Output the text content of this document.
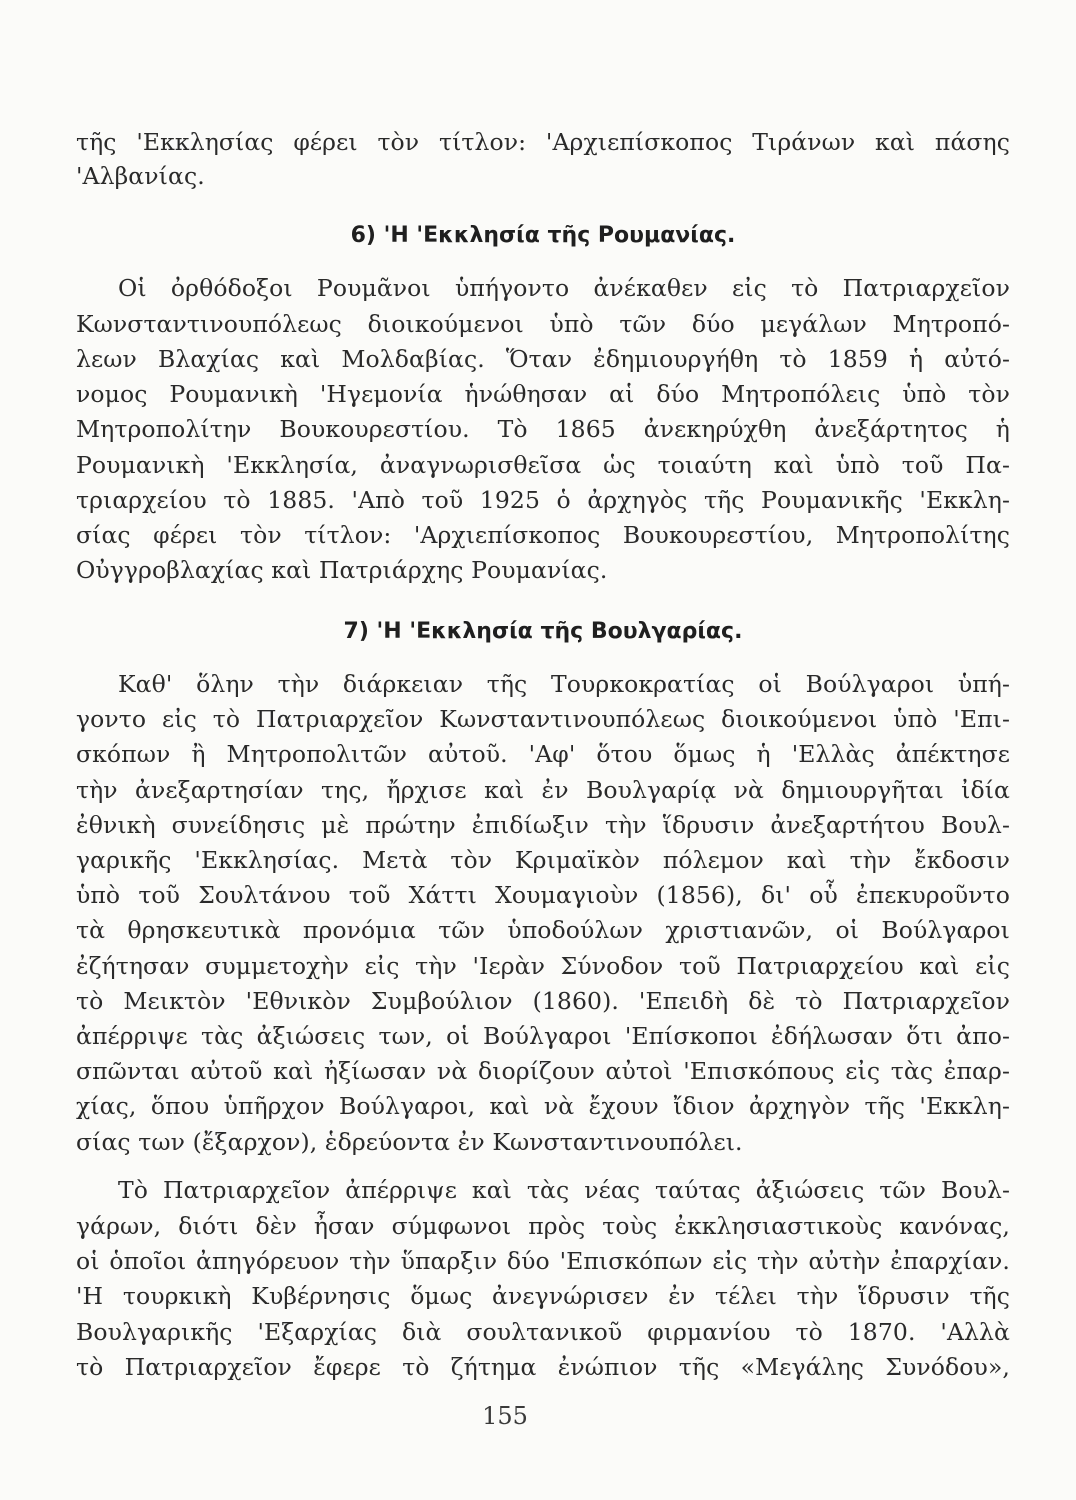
τῆς 'Εκκλησίας φέρει τὸν τίτλον: 'Αρχιεπίσκοπος Τιράνων καὶ πάσης
'Αλβανίας.
6) 'Η 'Εκκλησία τῆς Ρουμανίας.
Οἱ ὀρθόδοξοι Ρουμᾶνοι ὑπήγοντο ἀνέκαθεν εἰς τὸ Πατριαρχεῖον
Κωνσταντινουπόλεως διοικούμενοι ὑπὸ τῶν δύο μεγάλων Μητροπό-
λεων Βλαχίας καὶ Μολδαβίας. Ὅταν ἐδημιουργήθη τὸ 1859 ἡ αὐτό-
νομος Ρουμανικὴ 'Ηγεμονία ἡνώθησαν αἱ δύο Μητροπόλεις ὑπὸ τὸν
Μητροπολίτην Βουκουρεστίου. Τὸ 1865 ἀνεκηρύχθη ἀνεξάρτητος ἡ
Ρουμανικὴ 'Εκκλησία, ἀναγνωρισθεῖσα ὡς τοιαύτη καὶ ὑπὸ τοῦ Πα-
τριαρχείου τὸ 1885. 'Απὸ τοῦ 1925 ὁ ἀρχηγὸς τῆς Ρουμανικῆς 'Εκκλη-
σίας φέρει τὸν τίτλον: 'Αρχιεπίσκοπος Βουκουρεστίου, Μητροπολίτης
Οὐγγροβλαχίας καὶ Πατριάρχης Ρουμανίας.
7) 'Η 'Εκκλησία τῆς Βουλγαρίας.
Καθ' ὅλην τὴν διάρκειαν τῆς Τουρκοκρατίας οἱ Βούλγαροι ὑπή-
γοντο εἰς τὸ Πατριαρχεῖον Κωνσταντινουπόλεως διοικούμενοι ὑπὸ 'Επι-
σκόπων ἢ Μητροπολιτῶν αὐτοῦ. 'Αφ' ὅτου ὅμως ἡ 'Ελλὰς ἀπέκτησε
τὴν ἀνεξαρτησίαν της, ἤρχισε καὶ ἐν Βουλγαρίᾳ νὰ δημιουργῆται ἰδία
ἐθνικὴ συνείδησις μὲ πρώτην ἐπιδίωξιν τὴν ἵδρυσιν ἀνεξαρτήτου Βουλ-
γαρικῆς 'Εκκλησίας. Μετὰ τὸν Κριμαϊκὸν πόλεμον καὶ τὴν ἔκδοσιν
ὑπὸ τοῦ Σουλτάνου τοῦ Χάττι Χουμαγιοὺν (1856), δι' οὗ ἐπεκυροῦντο
τὰ θρησκευτικὰ προνόμια τῶν ὑποδούλων χριστιανῶν, οἱ Βούλγαροι
ἐζήτησαν συμμετοχὴν εἰς τὴν 'Ιερὰν Σύνοδον τοῦ Πατριαρχείου καὶ εἰς
τὸ Μεικτὸν 'Εθνικὸν Συμβούλιον (1860). 'Επειδὴ δὲ τὸ Πατριαρχεῖον
ἀπέρριψε τὰς ἀξιώσεις των, οἱ Βούλγαροι 'Επίσκοποι ἐδήλωσαν ὅτι ἀπο-
σπῶνται αὐτοῦ καὶ ἠξίωσαν νὰ διορίζουν αὐτοὶ 'Επισκόπους εἰς τὰς ἐπαρ-
χίας, ὅπου ὑπῆρχον Βούλγαροι, καὶ νὰ ἔχουν ἴδιον ἀρχηγὸν τῆς 'Εκκλη-
σίας των (ἔξαρχον), ἑδρεύοντα ἐν Κωνσταντινουπόλει.
Τὸ Πατριαρχεῖον ἀπέρριψε καὶ τὰς νέας ταύτας ἀξιώσεις τῶν Βουλ-
γάρων, διότι δὲν ἦσαν σύμφωνοι πρὸς τοὺς ἐκκλησιαστικοὺς κανόνας,
οἱ ὁποῖοι ἀπηγόρευον τὴν ὕπαρξιν δύο 'Επισκόπων εἰς τὴν αὐτὴν ἐπαρχίαν.
'Η τουρκικὴ Κυβέρνησις ὅμως ἀνεγνώρισεν ἐν τέλει τὴν ἵδρυσιν τῆς
Βουλγαρικῆς 'Εξαρχίας διὰ σουλτανικοῦ φιρμανίου τὸ 1870. 'Αλλὰ
τὸ Πατριαρχεῖον ἔφερε τὸ ζήτημα ἐνώπιον τῆς «Μεγάλης Συνόδου»,
155
